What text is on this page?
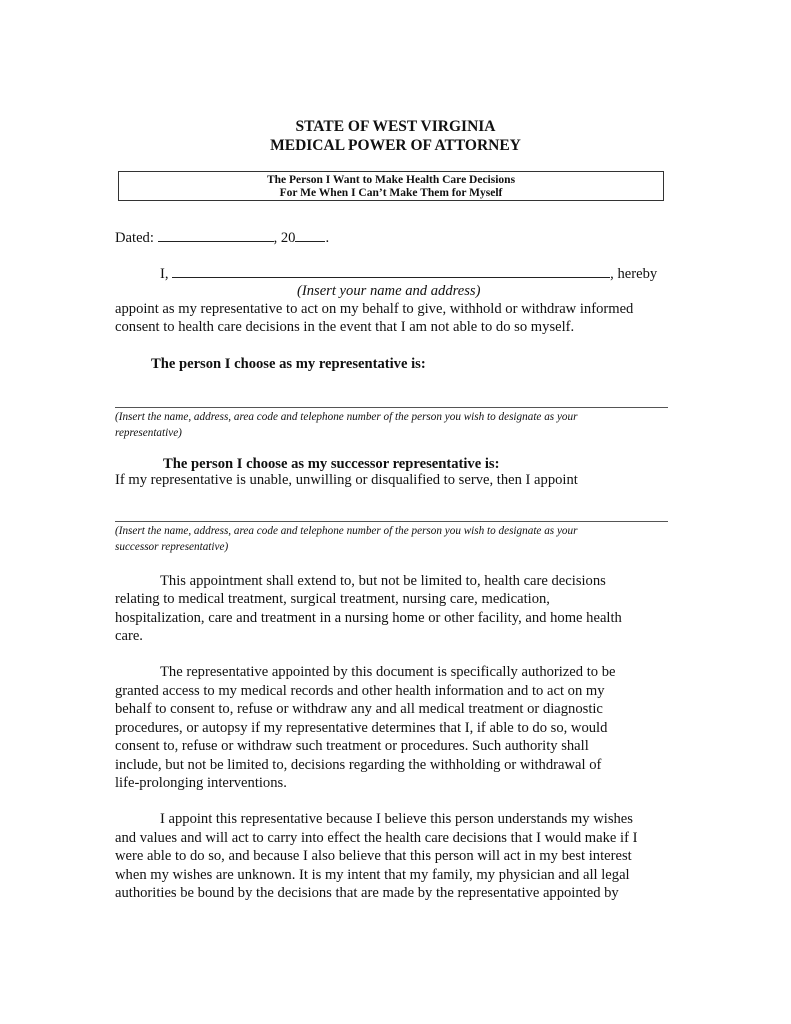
STATE OF WEST VIRGINIA
MEDICAL POWER OF ATTORNEY
The Person I Want to Make Health Care Decisions
For Me When I Can’t Make Them for Myself
Dated:	, 20 .
I,	, hereby
(Insert your name and address)
appoint as my representative to act on my behalf to give, withhold or withdraw informed
consent to health care decisions in the event that I am not able to do so myself.
The person I choose as my representative is:
(Insert the name, address, area code and telephone number of the person you wish to designate as your
representative)
The person I choose as my successor representative is:
If my representative is unable, unwilling or disqualified to serve, then I appoint
(Insert the name, address, area code and telephone number of the person you wish to designate as your
successor representative)
This appointment shall extend to, but not be limited to, health care decisions
relating to medical treatment, surgical treatment, nursing care, medication,
hospitalization, care and treatment in a nursing home or other facility, and home health
care.
The representative appointed by this document is specifically authorized to be
granted access to my medical records and other health information and to act on my
behalf to consent to, refuse or withdraw any and all medical treatment or diagnostic
procedures, or autopsy if my representative determines that I, if able to do so, would
consent to, refuse or withdraw such treatment or procedures. Such authority shall
include, but not be limited to, decisions regarding the withholding or withdrawal of
life-prolonging interventions.
I appoint this representative because I believe this person understands my wishes
and values and will act to carry into effect the health care decisions that I would make if I
were able to do so, and because I also believe that this person will act in my best interest
when my wishes are unknown. It is my intent that my family, my physician and all legal
authorities be bound by the decisions that are made by the representative appointed by
